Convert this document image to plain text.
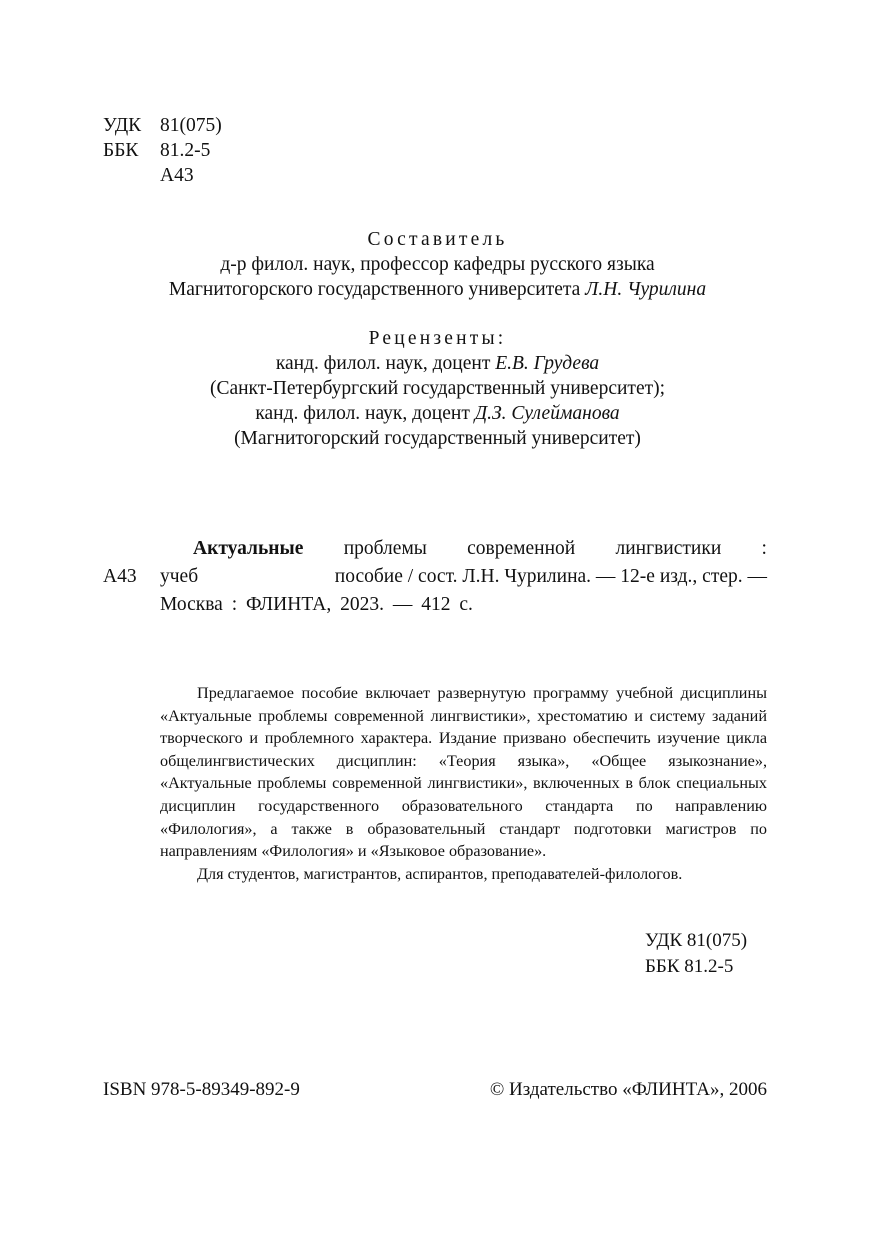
УДК 81(075)
ББК 81.2-5
А43
Составитель
д-р филол. наук, профессор кафедры русского языка
Магнитогорского государственного университета Л.Н. Чурилина
Рецензенты:
канд. филол. наук, доцент Е.В. Грудева
(Санкт-Петербургский государственный университет);
канд. филол. наук, доцент Д.З. Сулейманова
(Магнитогорский государственный университет)
Актуальные проблемы современной лингвистики :
А43 учеб	пособие / сост. Л.Н. Чурилина. — 12-е изд., стер. —
Москва : ФЛИНТА, 2023. — 412 с.

Предлагаемое пособие включает развернутую программу учебной дисциплины «Актуальные проблемы современной лингвистики», хрестоматию и систему заданий творческого и проблемного характера. Издание призвано обеспечить изучение цикла общелингвистических дисциплин: «Теория языка», «Общее языкознание», «Актуальные проблемы современной лингвистики», включенных в блок специальных дисциплин государственного образовательного стандарта по направлению «Филология», а также в образовательный стандарт подготовки магистров по направлениям «Филология» и «Языковое образование».

Для студентов, магистрантов, аспирантов, преподавателей-филологов.

УДК 81(075)
ББК 81.2-5
ISBN 978-5-89349-892-9	© Издательство «ФЛИНТА», 2006
